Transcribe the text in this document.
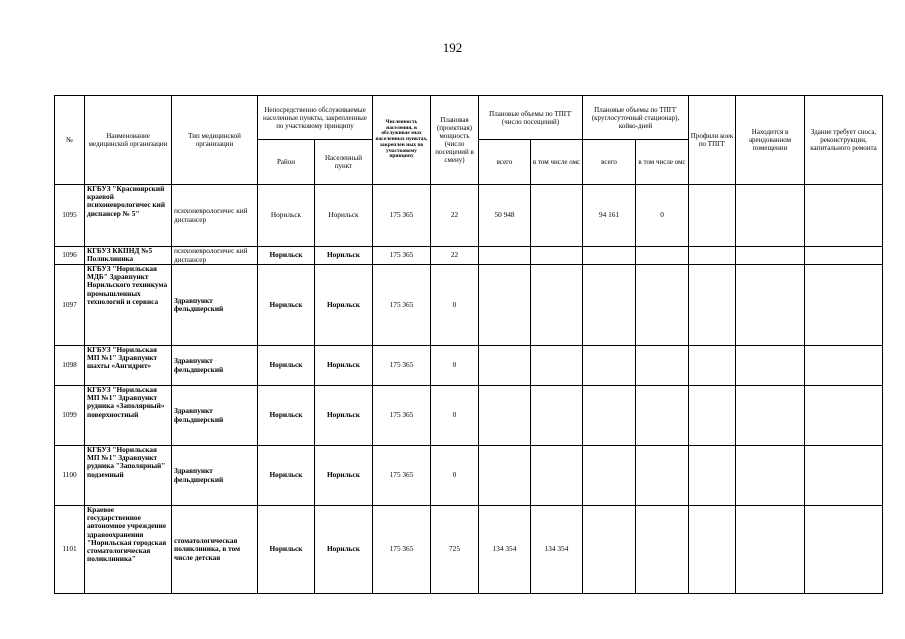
192
№	Наименование медицинской организации	Тип медицинской организации	Непосредственно обслуживаемые населенные пункты, закрепленные по участковому принципу		Численность населения, в обслуживае мых населенных пунктах, закреплен ных по участковому принципу	Плановая (проектная) мощность (число посещений в смену)	Плановые объемы по ТПГГ (число посещений)		Плановые объемы по ТПГГ (круглосуточный стационар), койко-дней		Профили коек по ТПГГ	Находится в арендованном помещении	Здание требует сноса, реконструкции, капитального ремонта
			Район	Населенный пункт			всего	в том числе омс	всего	в том числе омс			
1095	КГБУЗ "Красноярский краевой психоневрологичес кий диспансер № 5"	психоневрологичес кий диспансер	Норильск	Норильск	175 365	22	50 948		94 161	0			
1096	КГБУЗ ККПНД №5 Поликлиника	психоневрологичес кий диспансер	Норильск	Норильск	175 365	22							
1097	КГБУЗ "Норильская МДБ" Здравпункт Норильского техникума промышленных технологий и сервиса	Здравпункт фельдшерский	Норильск	Норильск	175 365	0							
1098	КГБУЗ "Норильская МП №1" Здравпункт шахты «Ангидрит»	Здравпункт фельдшерский	Норильск	Норильск	175 365	0							
1099	КГБУЗ "Норильская МП №1" Здравпункт рудника «Заполярный» поверхностный	Здравпункт фельдшерский	Норильск	Норильск	175 365	0							
1100	КГБУЗ "Норильская МП №1" Здравпункт рудника "Заполярный" подземный	Здравпункт фельдшерский	Норильск	Норильск	175 365	0							
1101	Краевое государственное автономное учреждение здравоохранения "Норильская городская стоматологическая поликлиника"	стоматологическая поликлиника, в том числе детская	Норильск	Норильск	175 365	725	134 354	134 354					
